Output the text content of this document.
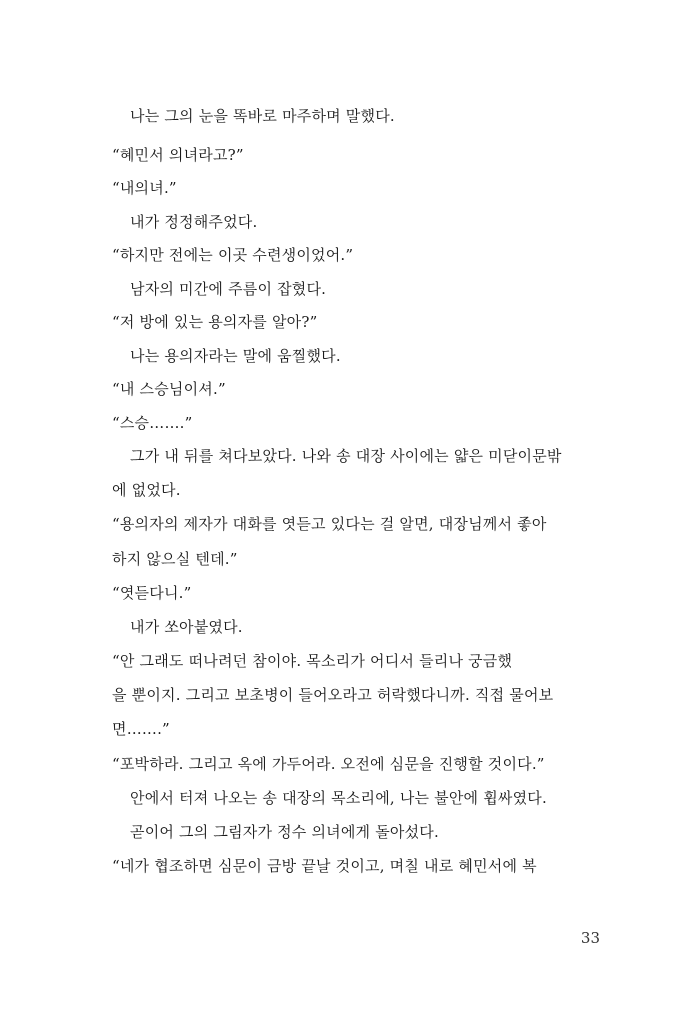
나는 그의 눈을 똑바로 마주하며 말했다.
“혜민서 의녀라고?”
“내의녀.”
내가 정정해주었다.
“하지만 전에는 이곳 수련생이었어.”
남자의 미간에 주름이 잡혔다.
“저 방에 있는 용의자를 알아?”
나는 용의자라는 말에 움찔했다.
“내 스승님이셔.”
“스승…….”
그가 내 뒤를 쳐다보았다. 나와 송 대장 사이에는 얇은 미닫이문밖
에 없었다.
“용의자의 제자가 대화를 엿듣고 있다는 걸 알면, 대장님께서 좋아
하지 않으실 텐데.”
“엿듣다니.”
내가 쏘아붙였다.
“안 그래도 떠나려던 참이야. 목소리가 어디서 들리나 궁금했
을 뿐이지. 그리고 보초병이 들어오라고 허락했다니까. 직접 물어보
면…….”
“포박하라. 그리고 옥에 가두어라. 오전에 심문을 진행할 것이다.”
안에서 터져 나오는 송 대장의 목소리에, 나는 불안에 휩싸였다.
곧이어 그의 그림자가 정수 의녀에게 돌아섰다.
“네가 협조하면 심문이 금방 끝날 것이고, 며칠 내로 혜민서에 복
33
